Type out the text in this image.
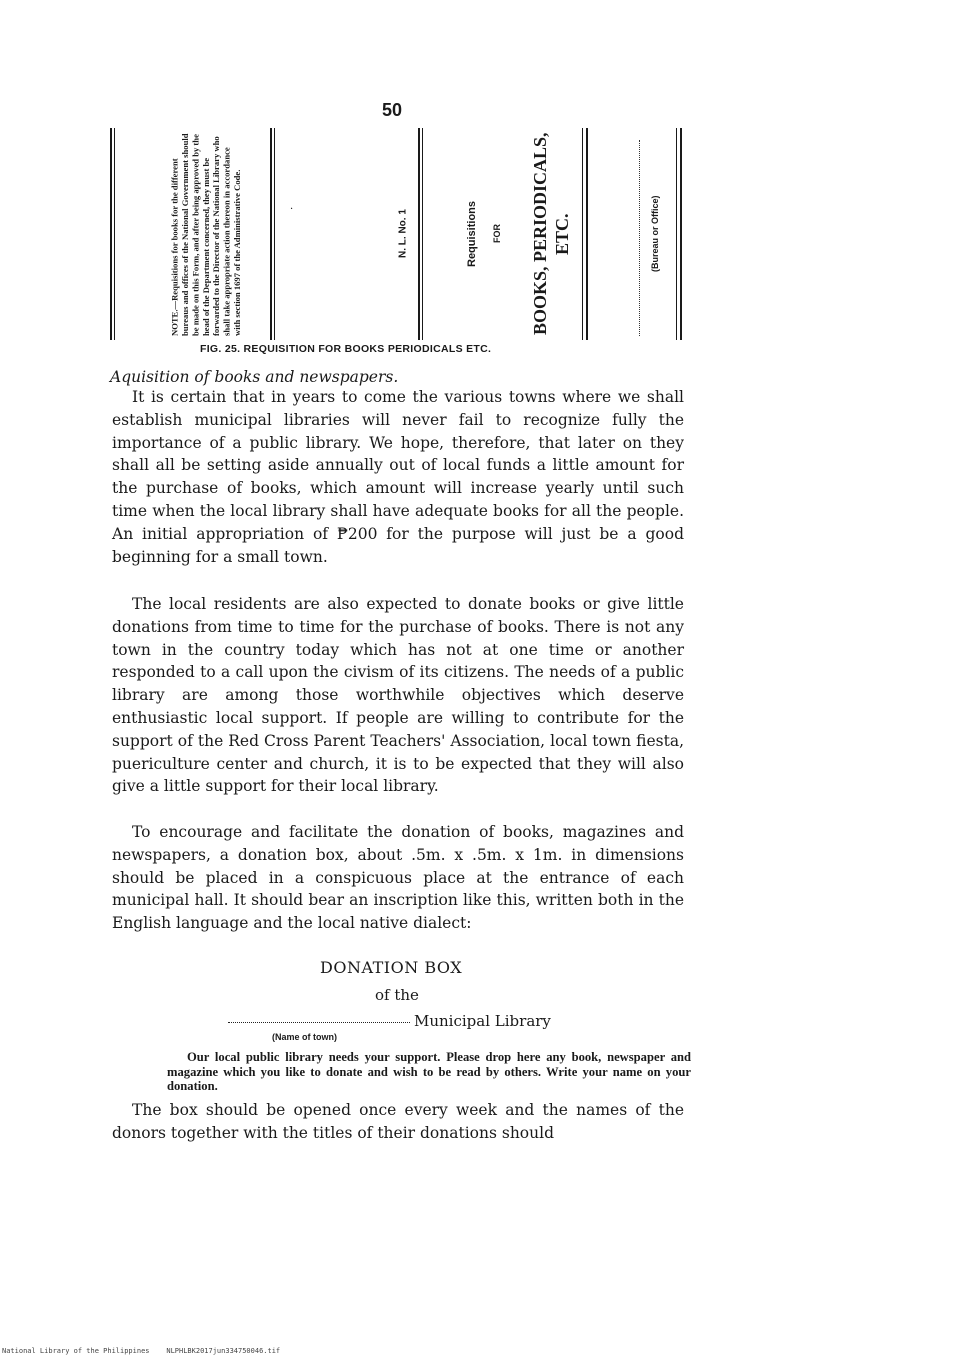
50
NOTE.—Requisitions for books for the different bureaus and offices of the National Government should be made on this Form, and after being approved by the head of the Department concerned, they must be forwarded to the Director of the National Library who shall take appropriate action thereon in accordance with section 1697 of the Administrative Code.	·
N. L. No. 1	Requisitions	FOR	BOOKS, PERIODICALS, ETC.	(Bureau or Office)
FIG. 25. REQUISITION FOR BOOKS PERIODICALS ETC.
Aquisition of books and newspapers.
It is certain that in years to come the various towns where we shall establish municipal libraries will never fail to recognize fully the importance of a public library. We hope, therefore, that later on they shall all be setting aside annually out of local funds a little amount for the purchase of books, which amount will increase yearly until such time when the local library shall have adequate books for all the people. An initial appropriation of ₱200 for the purpose will just be a good beginning for a small town.
The local residents are also expected to donate books or give little donations from time to time for the purchase of books. There is not any town in the country today which has not at one time or another responded to a call upon the civism of its citizens. The needs of a public library are among those worthwhile objectives which deserve enthusiastic local support. If people are willing to contribute for the support of the Red Cross Parent Teachers' Association, local town fiesta, puericulture center and church, it is to be expected that they will also give a little support for their local library.
To encourage and facilitate the donation of books, magazines and newspapers, a donation box, about .5m. x .5m. x 1m. in dimensions should be placed in a conspicuous place at the entrance of each municipal hall. It should bear an inscription like this, written both in the English language and the local native dialect:
DONATION BOX
of the
Municipal Library
(Name of town)
Our local public library needs your support. Please drop here any book, newspaper and magazine which you like to donate and wish to be read by others. Write your name on your donation.
The box should be opened once every week and the names of the donors together with the titles of their donations should
National Library of the Philippines    NLPHLBK2017jun334750046.tif
